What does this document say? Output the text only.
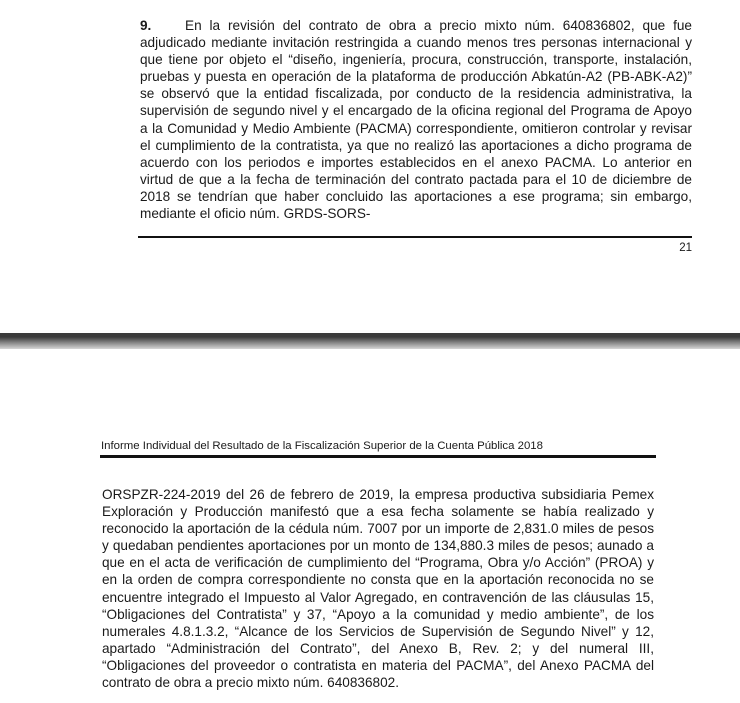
9. En la revisión del contrato de obra a precio mixto núm. 640836802, que fue adjudicado mediante invitación restringida a cuando menos tres personas internacional y que tiene por objeto el “diseño, ingeniería, procura, construcción, transporte, instalación, pruebas y puesta en operación de la plataforma de producción Abkatún-A2 (PB-ABK-A2)” se observó que la entidad fiscalizada, por conducto de la residencia administrativa, la supervisión de segundo nivel y el encargado de la oficina regional del Programa de Apoyo a la Comunidad y Medio Ambiente (PACMA) correspondiente, omitieron controlar y revisar el cumplimiento de la contratista, ya que no realizó las aportaciones a dicho programa de acuerdo con los periodos e importes establecidos en el anexo PACMA. Lo anterior en virtud de que a la fecha de terminación del contrato pactada para el 10 de diciembre de 2018 se tendrían que haber concluido las aportaciones a ese programa; sin embargo, mediante el oficio núm. GRDS-SORS-

21
Informe Individual del Resultado de la Fiscalización Superior de la Cuenta Pública 2018

ORSPZR-224-2019 del 26 de febrero de 2019, la empresa productiva subsidiaria Pemex Exploración y Producción manifestó que a esa fecha solamente se había realizado y reconocido la aportación de la cédula núm. 7007 por un importe de 2,831.0 miles de pesos y quedaban pendientes aportaciones por un monto de 134,880.3 miles de pesos; aunado a que en el acta de verificación de cumplimiento del “Programa, Obra y/o Acción” (PROA) y en la orden de compra correspondiente no consta que en la aportación reconocida no se encuentre integrado el Impuesto al Valor Agregado, en contravención de las cláusulas 15, “Obligaciones del Contratista” y 37, “Apoyo a la comunidad y medio ambiente”, de los numerales 4.8.1.3.2, “Alcance de los Servicios de Supervisión de Segundo Nivel” y 12, apartado “Administración del Contrato”, del Anexo B, Rev. 2; y del numeral III, “Obligaciones del proveedor o contratista en materia del PACMA”, del Anexo PACMA del contrato de obra a precio mixto núm. 640836802.
